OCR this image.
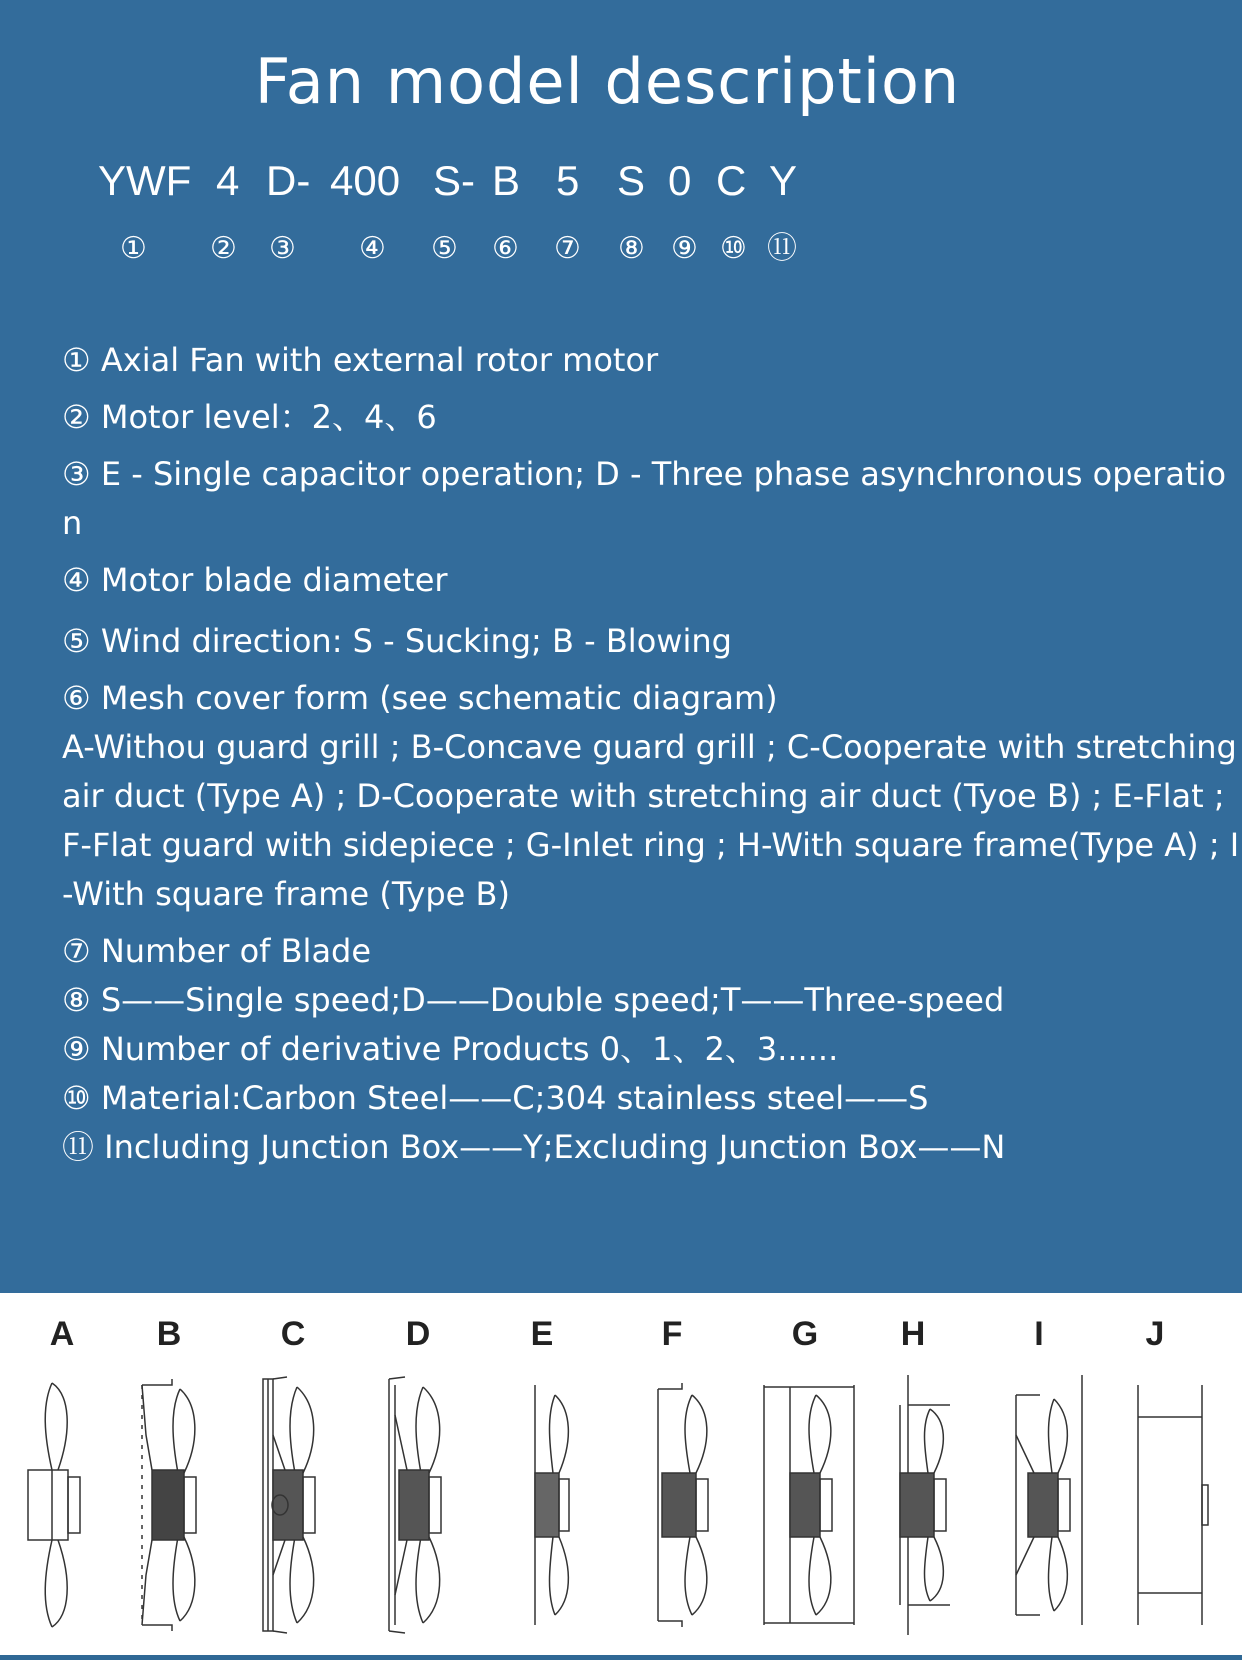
Fan model description
YWF 4 D- 400 S- B 5 S 0 C Y
① ② ③ ④ ⑤ ⑥ ⑦ ⑧ ⑨ ⑩ ⑪

① Axial Fan with external rotor motor

② Motor level：2、4、6

③ E - Single capacitor operation; D - Three phase asynchronous operation

④ Motor blade diameter

⑤ Wind direction: S - Sucking; B - Blowing

⑥ Mesh cover form (see schematic diagram)

A-Withou guard grill ; B-Concave guard grill ; C-Cooperate with stretching air duct (Type A) ; D-Cooperate with stretching air duct (Tyoe B) ; E-Flat ; F-Flat guard with sidepiece ; G-Inlet ring ; H-With square frame(Type A) ; I-With square frame (Type B)

⑦ Number of Blade

⑧ S——Single speed;D——Double speed;T——Three-speed

⑨ Number of derivative Products 0、1、2、3......

⑩ Material:Carbon Steel——C;304 stainless steel——S

⑪ Including Junction Box——Y;Excluding Junction Box——N

A B	C	D	E	F	G H	I	J
